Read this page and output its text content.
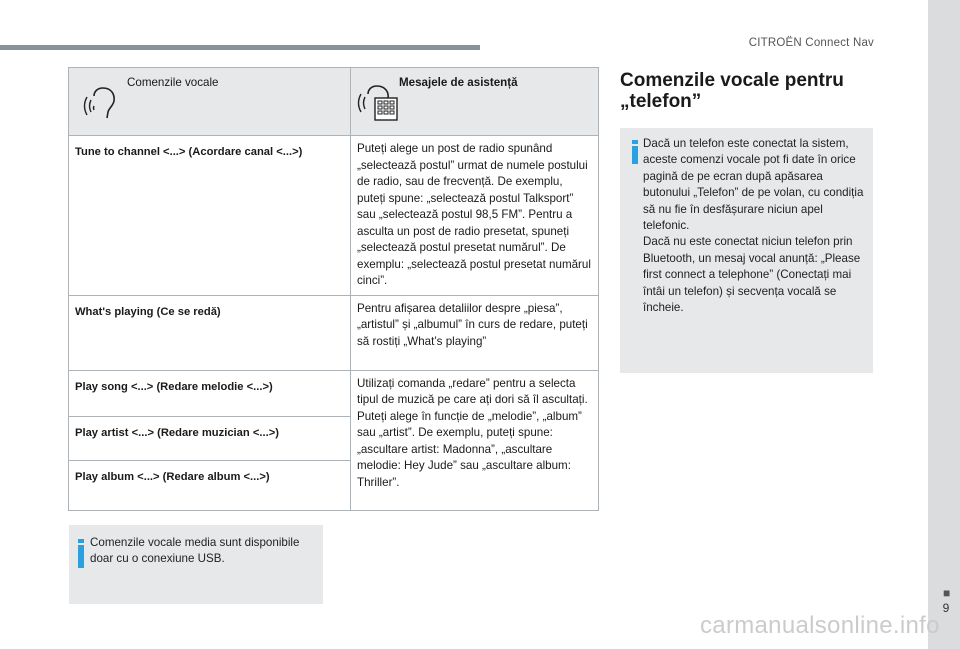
CITROËN Connect Nav
■
9
Comenzile vocale	Mesajele de asistență

Tune to channel <...> (Acordare canal <...>)	Puteți alege un post de radio spunând „selectează postul” urmat de numele postului de radio, sau de frecvență. De exemplu, puteți spune: „selectează postul Talksport” sau „selectează postul 98,5 FM”. Pentru a asculta un post de radio presetat, spuneți „selectează postul presetat numărul”. De exemplu: „selectează postul presetat numărul cinci”.
What's playing (Ce se redă)	Pentru afișarea detaliilor despre „piesa”, „artistul” și „albumul” în curs de redare, puteți să rostiți „What’s playing”
Play song <...> (Redare melodie <...>)	Utilizați comanda „redare” pentru a selecta tipul de muzică pe care ați dori să îl ascultați. Puteți alege în funcție de „melodie”, „album” sau „artist”. De exemplu, puteți spune: „ascultare artist: Madonna”, „ascultare melodie: Hey Jude” sau „ascultare album: Thriller”.
Play artist <...> (Redare muzician <...>)	
Play album <...> (Redare album <...>)	
Comenzile vocale media sunt disponibile doar cu o conexiune USB.
Comenzile vocale pentru
„telefon”
Dacă un telefon este conectat la sistem, aceste comenzi vocale pot fi date în orice pagină de pe ecran după apăsarea butonului „Telefon” de pe volan, cu condiția să nu fie în desfășurare niciun apel telefonic.
Dacă nu este conectat niciun telefon prin Bluetooth, un mesaj vocal anunță: „Please first connect a telephone” (Conectați mai întâi un telefon) și secvența vocală se încheie.
carmanualsonline.info
